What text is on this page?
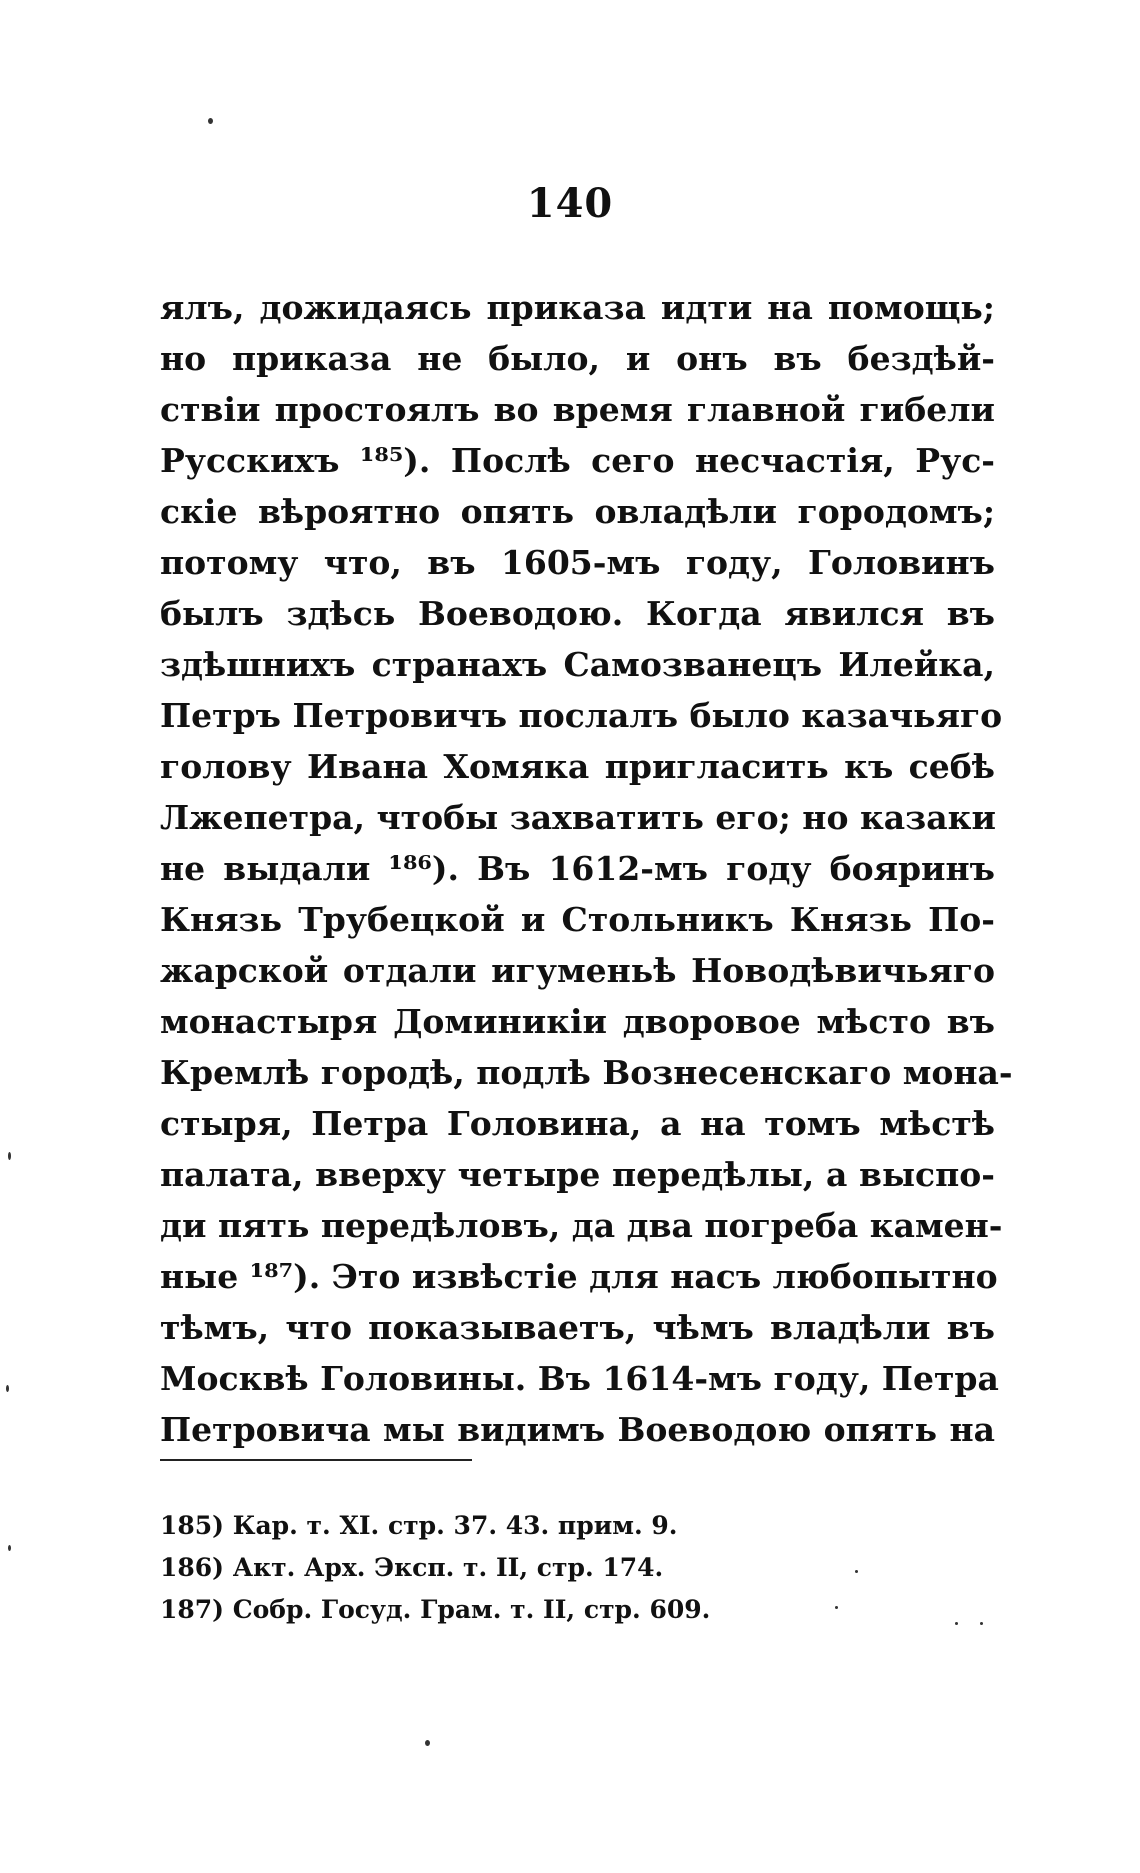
140
ялъ, дожидаясь приказа идти на помощь;
но приказа не было, и онъ въ бездѣй-
ствіи простоялъ во время главной гибели
Русскихъ ¹⁸⁵). Послѣ сего несчастія, Рус-
скіе вѣроятно опять овладѣли городомъ;
потому что, въ 1605-мъ году, Головинъ
былъ здѣсь Воеводою. Когда явился въ
здѣшнихъ странахъ Самозванецъ Илейка,
Петръ Петровичъ послалъ было казачьяго
голову Ивана Хомяка пригласить къ себѣ
Лжепетра, чтобы захватить его; но казаки
не выдали ¹⁸⁶). Въ 1612-мъ году бояринъ
Князь Трубецкой и Стольникъ Князь По-
жарской отдали игуменьѣ Новодѣвичьяго
монастыря Доминикіи дворовое мѣсто въ
Кремлѣ городѣ, подлѣ Вознесенскаго мона-
стыря, Петра Головина, а на томъ мѣстѣ
палата, вверху четыре передѣлы, а выспо-
ди пять передѣловъ, да два погреба камен-
ные ¹⁸⁷). Это извѣстіе для насъ любопытно
тѣмъ, что показываетъ, чѣмъ владѣли въ
Москвѣ Головины. Въ 1614-мъ году, Петра
Петровича мы видимъ Воеводою опять на
185) Кар. т. XI. стр. 37. 43. прим. 9.
186) Акт. Арх. Эксп. т. II, стр. 174.
187) Собр. Госуд. Грам. т. II, стр. 609.
